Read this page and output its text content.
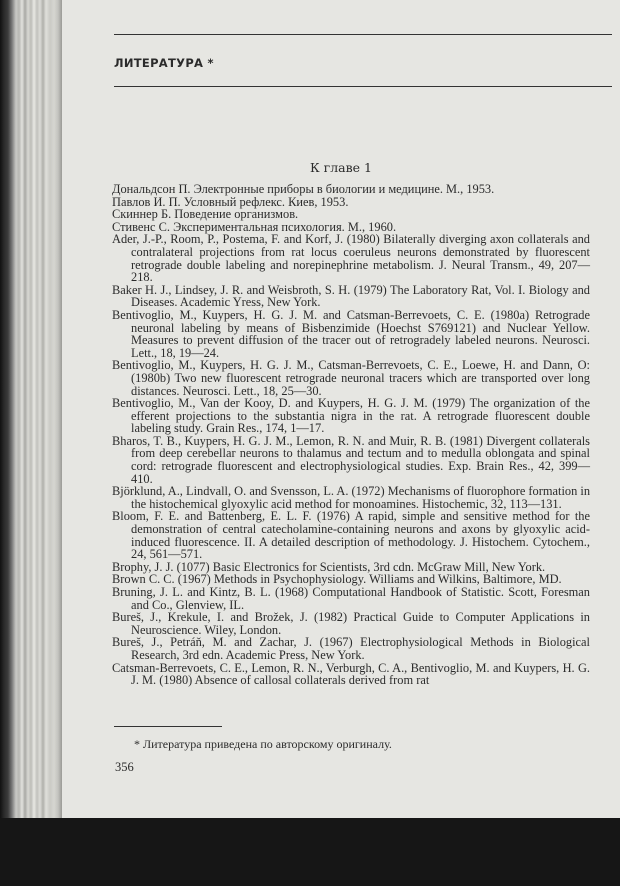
ЛИТЕРАТУРА *
К главе 1
Дональдсон П. Электронные приборы в биологии и медицине. М., 1953.
Павлов И. П. Условный рефлекс. Киев, 1953.
Скиннер Б. Поведение организмов.
Стивенс С. Экспериментальная психология. М., 1960.
Ader, J.-P., Room, P., Postema, F. and Korf, J. (1980) Bilaterally diverging axon collaterals and contralateral projections from rat locus coeruleus neurons demonstrated by fluorescent retrograde double labeling and norepinephrine metabolism. J. Neural Transm., 49, 207—218.
Baker H. J., Lindsey, J. R. and Weisbroth, S. H. (1979) The Laboratory Rat, Vol. I. Biology and Diseases. Academic Yress, New York.
Bentivoglio, M., Kuypers, H. G. J. M. and Catsman-Berrevoets, C. E. (1980a) Retrograde neuronal labeling by means of Bisbenzimide (Hoechst S769121) and Nuclear Yellow. Measures to prevent diffusion of the tracer out of retrogradely labeled neurons. Neurosci. Lett., 18, 19—24.
Bentivoglio, M., Kuypers, H. G. J. M., Catsman-Berrevoets, C. E., Loewe, H. and Dann, O: (1980b) Two new fluorescent retrograde neuronal tracers which are transported over long distances. Neurosci. Lett., 18, 25—30.
Bentivoglio, M., Van der Kooy, D. and Kuypers, H. G. J. M. (1979) The organization of the efferent projections to the substantia nigra in the rat. A retrograde fluorescent double labeling study. Grain Res., 174, 1—17.
Bharos, T. B., Kuypers, H. G. J. M., Lemon, R. N. and Muir, R. B. (1981) Divergent collaterals from deep cerebellar neurons to thalamus and tectum and to medulla oblongata and spinal cord: retrograde fluorescent and electrophysiological studies. Exp. Brain Res., 42, 399—410.
Björklund, A., Lindvall, O. and Svensson, L. A. (1972) Mechanisms of fluorophore formation in the histochemical glyoxylic acid method for monoamines. Histochemic, 32, 113—131.
Bloom, F. E. and Battenberg, E. L. F. (1976) A rapid, simple and sensitive method for the demonstration of central catecholamine-containing neurons and axons by glyoxylic acid-induced fluorescence. II. A detailed description of methodology. J. Histochem. Cytochem., 24, 561—571.
Brophy, J. J. (1077) Basic Electronics for Scientists, 3rd cdn. McGraw Mill, New York.
Brown C. C. (1967) Methods in Psychophysiology. Williams and Wilkins, Baltimore, MD.
Bruning, J. L. and Kintz, B. L. (1968) Computational Handbook of Statistic. Scott, Foresman and Co., Glenview, IL.
Bureš, J., Krekule, I. and Brožek, J. (1982) Practical Guide to Computer Applications in Neuroscience. Wiley, London.
Bureš, J., Petráň, M. and Zachar, J. (1967) Electrophysiological Methods in Biological Research, 3rd edn. Academic Press, New York.
Catsman-Berrevoets, C. E., Lemon, R. N., Verburgh, C. A., Bentivoglio, M. and Kuypers, H. G. J. M. (1980) Absence of callosal collaterals derived from rat
* Литература приведена по авторскому оригиналу.
356
